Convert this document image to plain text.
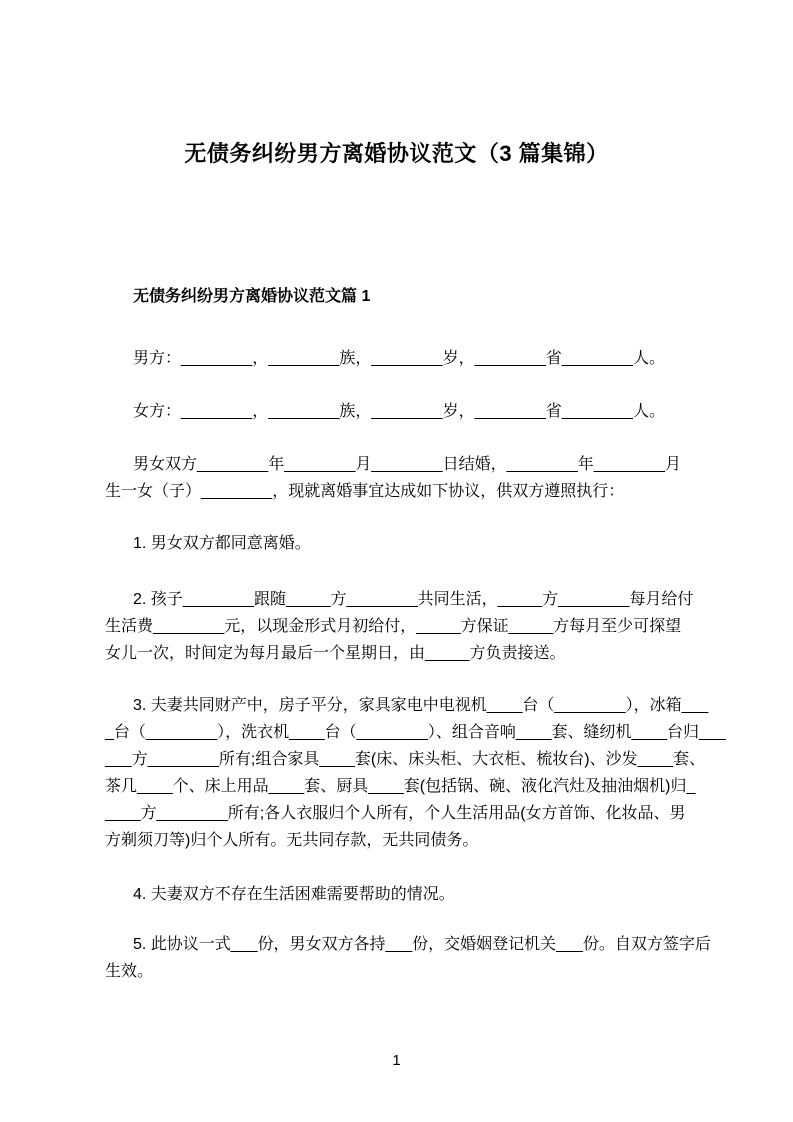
无债务纠纷男方离婚协议范文（3 篇集锦）
无债务纠纷男方离婚协议范文篇 1
男方：________，________族，________岁，________省________人。
女方：________，________族，________岁，________省________人。
男女双方________年________月________日结婚，________年________月
生一女（子）________，现就离婚事宜达成如下协议，供双方遵照执行：
1. 男女双方都同意离婚。
2. 孩子________跟随_____方________共同生活，_____方________每月给付
生活费________元，以现金形式月初给付，_____方保证_____方每月至少可探望
女儿一次，时间定为每月最后一个星期日，由_____方负责接送。
3. 夫妻共同财产中，房子平分，家具家电中电视机____台（________），冰箱___
_台（________），洗衣机____台（________）、组合音响____套、缝纫机____台归___
___方________所有;组合家具____套(床、床头柜、大衣柜、梳妆台)、沙发____套、
茶几____个、床上用品____套、厨具____套(包括锅、碗、液化汽灶及抽油烟机)归_
____方________所有;各人衣服归个人所有，个人生活用品(女方首饰、化妆品、男
方剃须刀等)归个人所有。无共同存款，无共同债务。
4. 夫妻双方不存在生活困难需要帮助的情况。
5. 此协议一式___份，男女双方各持___份，交婚姻登记机关___份。自双方签字后
生效。
1
